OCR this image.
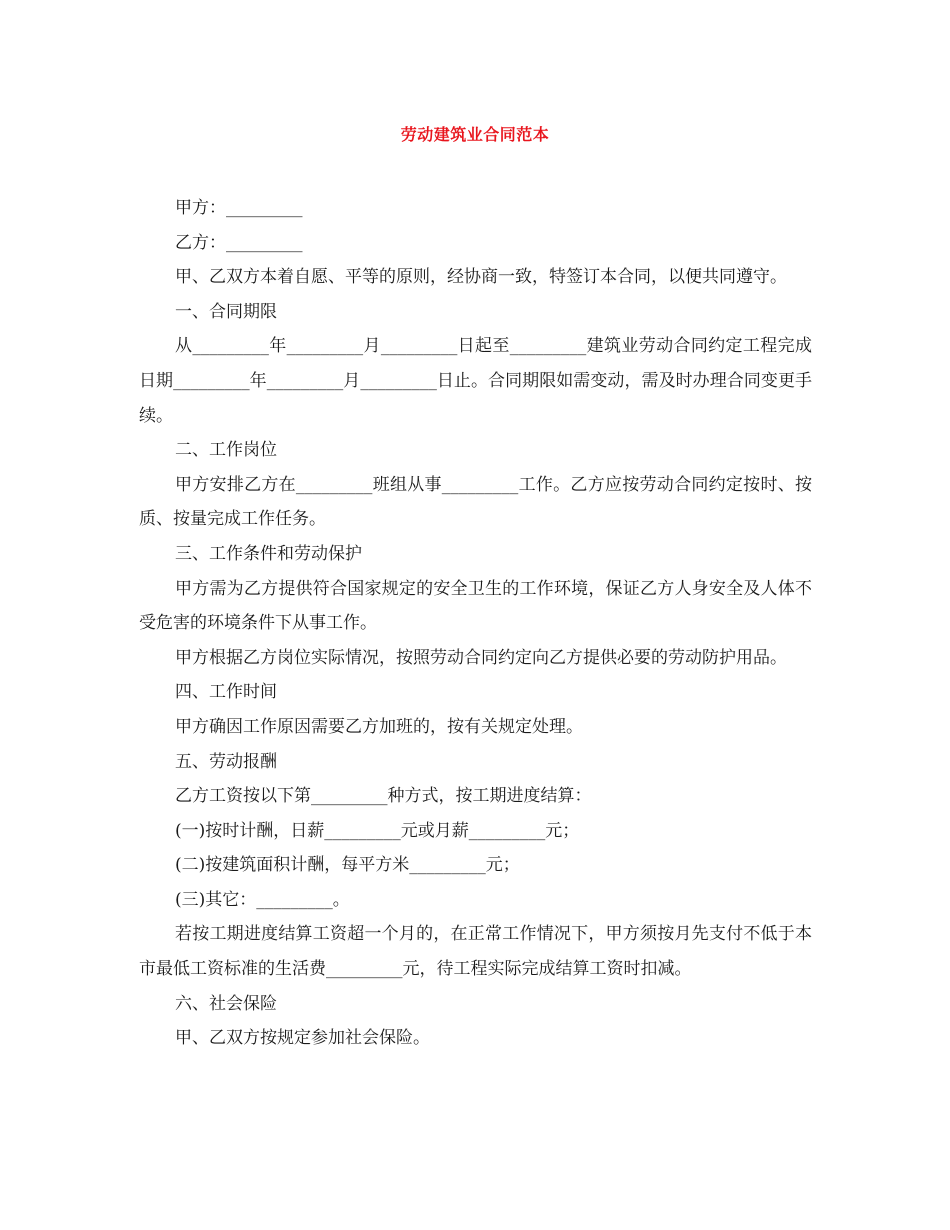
劳动建筑业合同范本

甲方：_________

乙方：_________

甲、乙双方本着自愿、平等的原则，经协商一致，特签订本合同，以便共同遵守。

一、合同期限

从_________年_________月_________日起至_________建筑业劳动合同约定工程完成日期_________年_________月_________日止。合同期限如需变动，需及时办理合同变更手续。

二、工作岗位

甲方安排乙方在_________班组从事_________工作。乙方应按劳动合同约定按时、按质、按量完成工作任务。

三、工作条件和劳动保护

甲方需为乙方提供符合国家规定的安全卫生的工作环境，保证乙方人身安全及人体不受危害的环境条件下从事工作。

甲方根据乙方岗位实际情况，按照劳动合同约定向乙方提供必要的劳动防护用品。

四、工作时间

甲方确因工作原因需要乙方加班的，按有关规定处理。

五、劳动报酬

乙方工资按以下第_________种方式，按工期进度结算：

(一)按时计酬，日薪_________元或月薪_________元；

(二)按建筑面积计酬，每平方米_________元；

(三)其它：_________。

若按工期进度结算工资超一个月的，在正常工作情况下，甲方须按月先支付不低于本市最低工资标准的生活费_________元，待工程实际完成结算工资时扣减。

六、社会保险

甲、乙双方按规定参加社会保险。
